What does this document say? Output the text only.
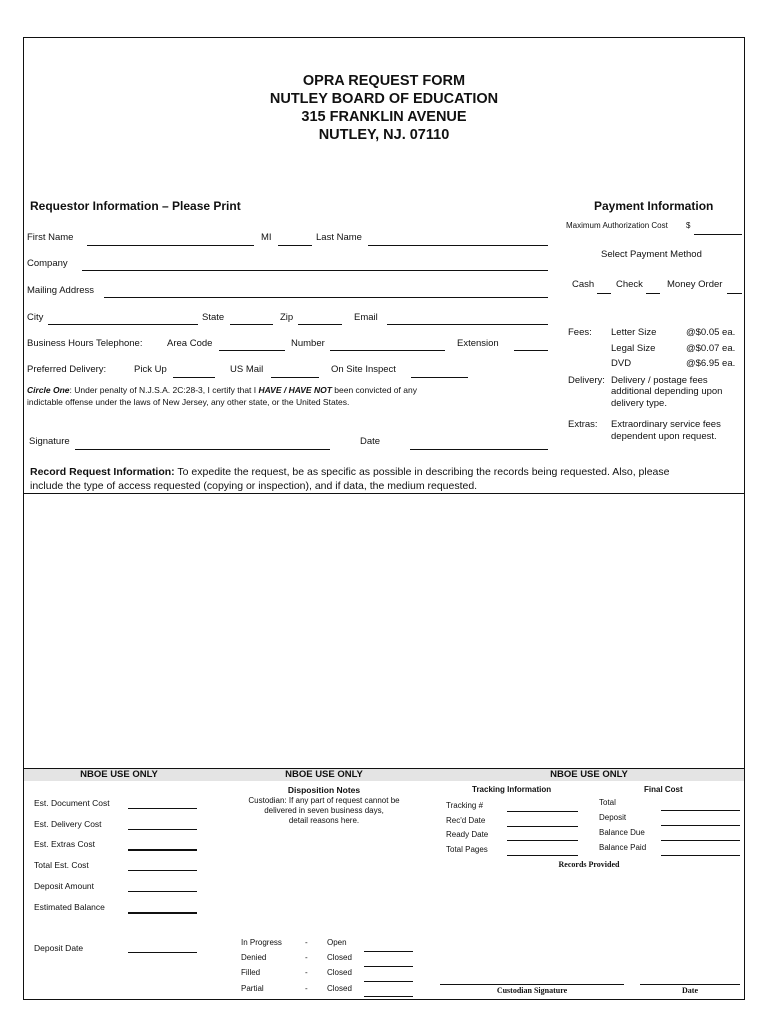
OPRA REQUEST FORM
NUTLEY BOARD OF EDUCATION
315 FRANKLIN AVENUE
NUTLEY, NJ. 07110
Requestor Information – Please Print
First Name	MI	Last Name
Company
Mailing Address
City	State	Zip	Email
Business Hours Telephone:	Area Code	Number	Extension
Preferred Delivery:	Pick Up	US Mail	On Site Inspect
Circle One: Under penalty of N.J.S.A. 2C:28-3, I certify that I HAVE / HAVE NOT been convicted of any
indictable offense under the laws of New Jersey, any other state, or the United States.
Signature	Date
Payment Information
Maximum Authorization Cost $
Select Payment Method
Cash Check	Money Order
Fees: Letter Size	@$0.05 ea.
Legal Size	@$0.07 ea.
DVD	@$6.95 ea.
Delivery: Delivery / postage fees
additional depending upon
delivery type.
Extras: Extraordinary service fees
dependent upon request.
Record Request Information: To expedite the request, be as specific as possible in describing the records being requested. Also, please
include the type of access requested (copying or inspection), and if data, the medium requested.
NBOE USE ONLY	NBOE USE ONLY	NBOE USE ONLY
Est. Document Cost
Est. Delivery Cost
Est. Extras Cost
Total Est. Cost
Deposit Amount
Estimated Balance
Deposit Date
Disposition Notes
Custodian: If any part of request cannot be
delivered in seven business days,
detail reasons here.
In Progress	- Open
Denied	- Closed
Filled	- Closed
Partial	- Closed
Tracking Information	Final Cost
Tracking #
Rec'd Date
Ready Date
Total Pages
Total
Deposit
Balance Due
Balance Paid
Records Provided
Custodian Signature	Date
